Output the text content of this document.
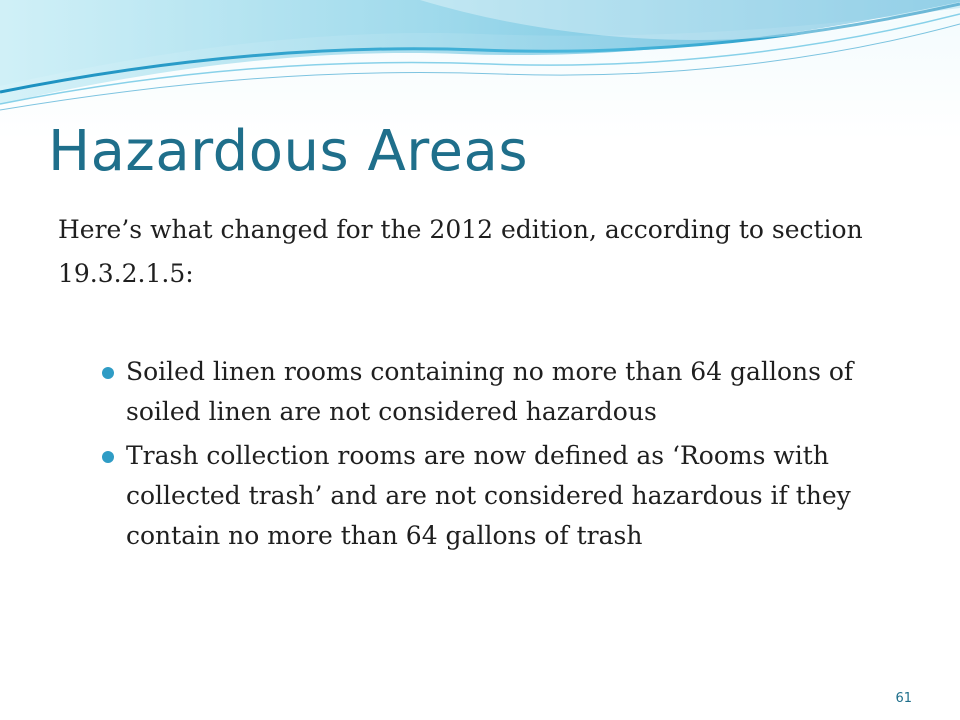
Hazardous Areas

Here’s what changed for the 2012 edition, according to section 19.3.2.1.5:

Soiled linen rooms containing no more than 64 gallons of soiled linen are not considered hazardous
Trash collection rooms are now defined as ‘Rooms with collected trash’ and are not considered hazardous if they contain no more than 64 gallons of trash
61
